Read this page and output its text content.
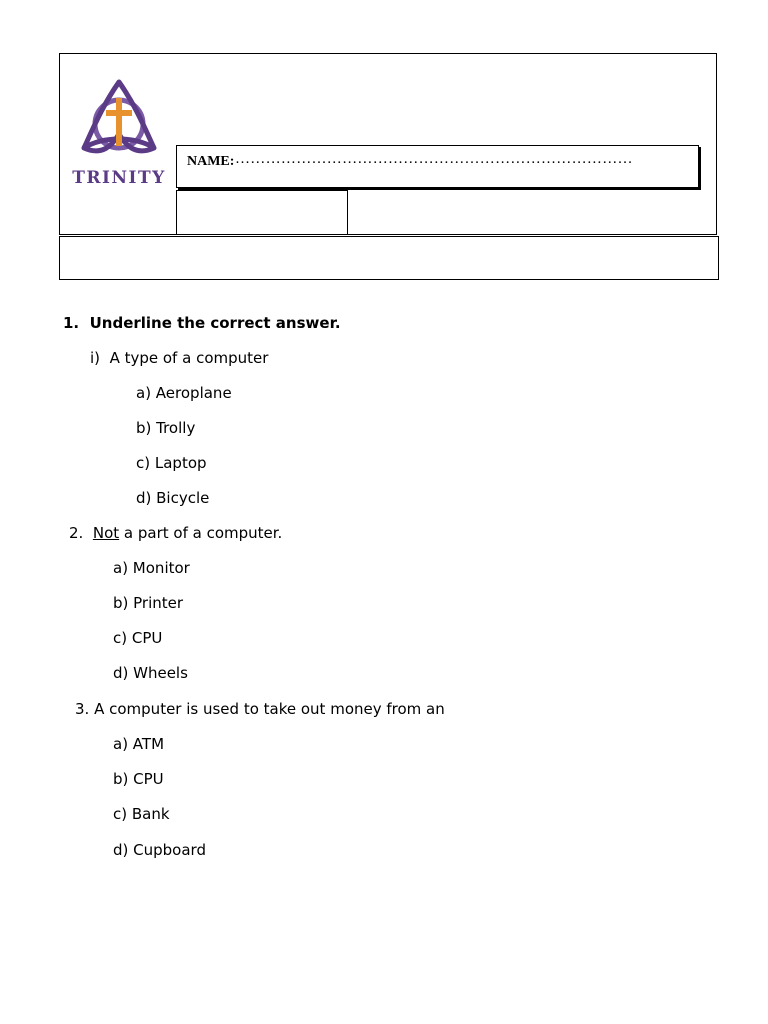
TRINITY
NAME: ……………………………………………………………………
1. Underline the correct answer.
i) A type of a computer
a) Aeroplane
b) Trolly
c) Laptop
d) Bicycle
2. Not a part of a computer.
a) Monitor
b) Printer
c) CPU
d) Wheels
3. A computer is used to take out money from an
a) ATM
b) CPU
c) Bank
d) Cupboard
